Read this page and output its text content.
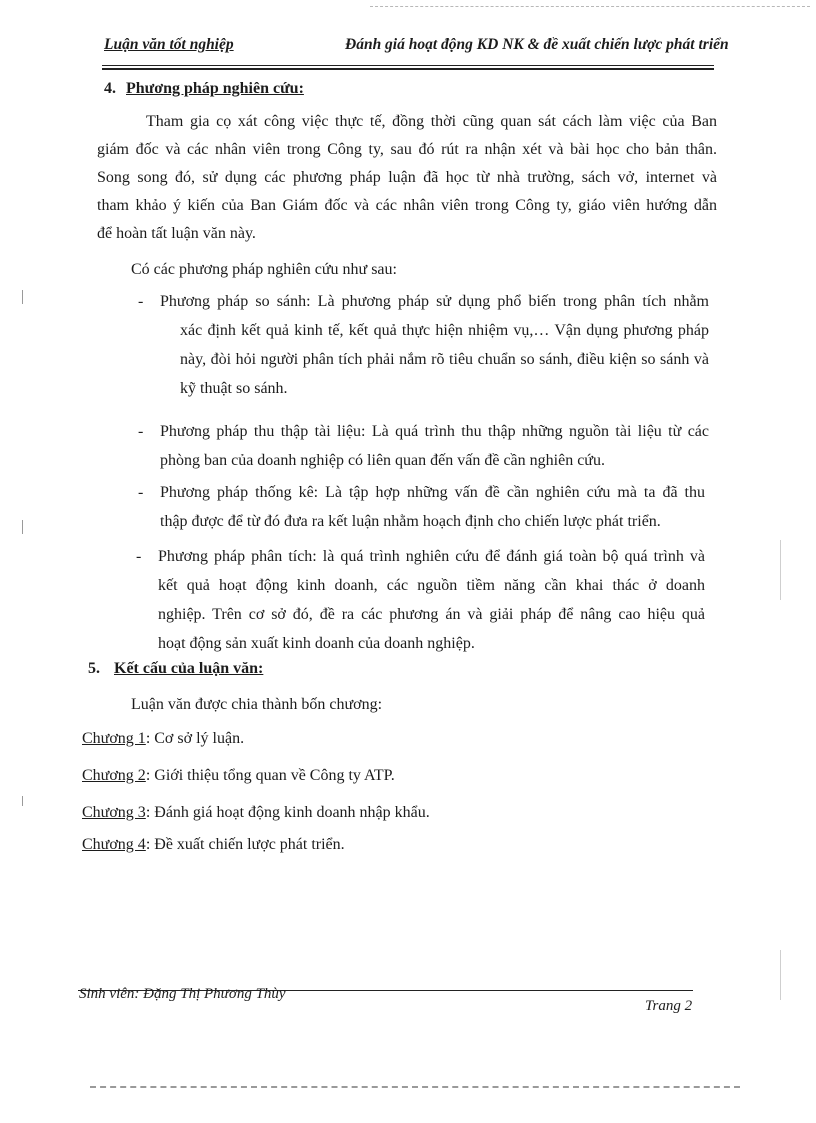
Luận văn tốt nghiệp	Đánh giá hoạt động KD NK & đề xuất chiến lược phát triển
4. Phương pháp nghiên cứu:
Tham gia cọ xát công việc thực tế, đồng thời cũng quan sát cách làm việc của Ban
giám đốc và các nhân viên trong Công ty, sau đó rút ra nhận xét và bài học cho bản thân.
Song song đó, sử dụng các phương pháp luận đã học từ nhà trường, sách vở, internet và
tham khảo ý kiến của Ban Giám đốc và các nhân viên trong Công ty, giáo viên hướng dẫn
để hoàn tất luận văn này.
Có các phương pháp nghiên cứu như sau:
- Phương pháp so sánh: Là phương pháp sử dụng phổ biến trong phân tích nhằm
xác định kết quả kinh tế, kết quả thực hiện nhiệm vụ,… Vận dụng phương pháp
này, đòi hỏi người phân tích phải nắm rõ tiêu chuẩn so sánh, điều kiện so sánh và
kỹ thuật so sánh.
- Phương pháp thu thập tài liệu: Là quá trình thu thập những nguồn tài liệu từ các
phòng ban của doanh nghiệp có liên quan đến vấn đề cần nghiên cứu.
- Phương pháp thống kê: Là tập hợp những vấn đề cần nghiên cứu mà ta đã thu
thập được để từ đó đưa ra kết luận nhằm hoạch định cho chiến lược phát triển.
- Phương pháp phân tích: là quá trình nghiên cứu để đánh giá toàn bộ quá trình và
kết quả hoạt động kinh doanh, các nguồn tiềm năng cần khai thác ở doanh
nghiệp. Trên cơ sở đó, đề ra các phương án và giải pháp để nâng cao hiệu quả
hoạt động sản xuất kinh doanh của doanh nghiệp.
5. Kết cấu của luận văn:
Luận văn được chia thành bốn chương:
Chương 1: Cơ sở lý luận.
Chương 2: Giới thiệu tổng quan về Công ty ATP.
Chương 3: Đánh giá hoạt động kinh doanh nhập khẩu.
Chương 4: Đề xuất chiến lược phát triển.
Sinh viên: Đặng Thị Phương Thùy
Trang 2
